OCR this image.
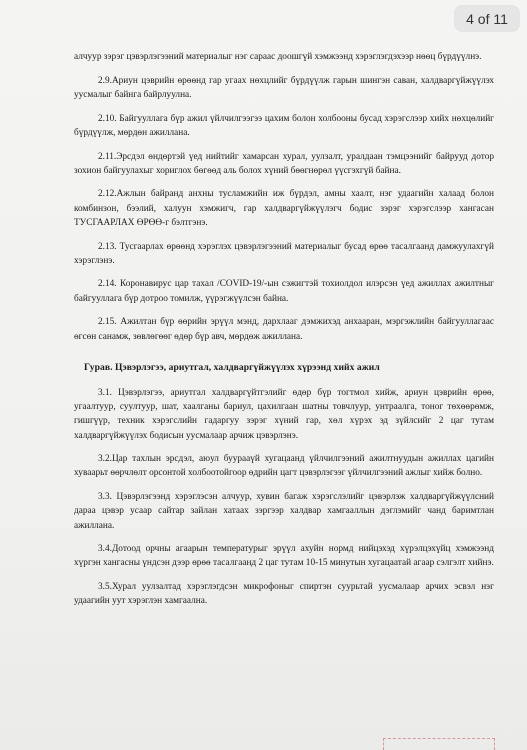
4 of 11

алчуур зэрэг цэвэрлэгээний материалыг нэг сараас доошгүй хэмжээнд хэрэглэгдэхээр нөөц бүрдүүлнэ.

2.9.Ариун цэврийн өрөөнд гар угаах нөхцлийг бүрдүүлж гарын шингэн саван, халдваргүйжүүлэх уусмалыг байнга байрлуулна.

2.10. Байгууллага бүр ажил үйлчилгээгээ цахим болон холбооны бусад хэрэгслээр хийх нөхцөлийг бүрдүүлж, мөрдөн ажиллана.

2.11.Эрсдэл өндөртэй үед нийтийг хамарсан хурал, уулзалт, уралдаан тэмцээнийг байрууд дотор зохион байгуулахыг хориглох бөгөөд аль болох хүний бөөгнөрөл үүсгэхгүй байна.

2.12.Ажлын байранд анхны тусламжийн иж бүрдэл, амны хаалт, нэг удаагийн халаад болон комбинзон, бээлий, халуун хэмжигч, гар халдваргүйжүүлэгч бодис зэрэг хэрэгслээр хангасан ТУСГААРЛАХ ӨРӨӨ-г бэлтгэнэ.

2.13. Тусгаарлах өрөөнд хэрэглэх цэвэрлэгээний материалыг бусад өрөө тасалгаанд дамжуулахгүй хэрэглэнэ.

2.14. Коронавирус цар тахал /COVID-19/-ын сэжигтэй тохиолдол илэрсэн үед ажиллах ажилтныг байгууллага бүр дотроо томилж, үүрэгжүүлсэн байна.

2.15. Ажилтан бүр өөрийн эрүүл мэнд, дархлааг дэмжихэд анхааран, мэргэжлийн байгууллагаас өгсөн санамж, зөвлөгөөг өдөр бүр авч, мөрдөж ажиллана.

Гурав. Цэвэрлэгээ, ариутгал, халдваргүйжүүлэх хүрээнд хийх ажил

3.1. Цэвэрлэгээ, ариутгал халдваргүйтгэлийг өдөр бүр тогтмол хийж, ариун цэврийн өрөө, угаалтуур, суултуур, шат, хаалганы бариул, цахилгаан шатны товчлуур, унтраалга, тоног төхөөрөмж, гишгүүр, техник хэрэгслийн гадаргуу зэрэг хүний гар, хөл хүрэх эд зүйлсийг 2 цаг тутам халдваргүйжүүлэх бодисын уусмалаар арчиж цэвэрлэнэ.

3.2.Цар тахлын эрсдэл, аюул буурааүй хугацаанд үйлчилгээний ажилтнуудын ажиллах цагийн хуваарьт өөрчлөлт орсонтой холбоотойгоор өдрийн цагт цэвэрлэгээг үйлчилгээний ажлыг хийж болно.

3.3. Цэвэрлэгээнд хэрэглэсэн алчуур, хувин багаж хэрэгслэлийг цэвэрлэж халдваргүйжүүлсний дараа цэвэр усаар сайтар зайлан хатаах зэргээр халдвар хамгааллын дэглэмийг чанд баримтлан ажиллана.

3.4.Дотоод орчны агаарын температурыг эрүүл ахуйн нормд нийцэхэд хүрэлцэхүйц хэмжээнд хүргэн хангасны үндсэн дээр өрөө тасалгаанд 2 цаг тутам 10-15 минутын хугацаатай агаар сэлгэлт хийнэ.

3.5.Хурал уулзалтад хэрэглэгдсэн микрофоныг спиртэн суурьтай уусмалаар арчих эсвэл нэг удаагийн уут хэрэглэн хамгаална.
